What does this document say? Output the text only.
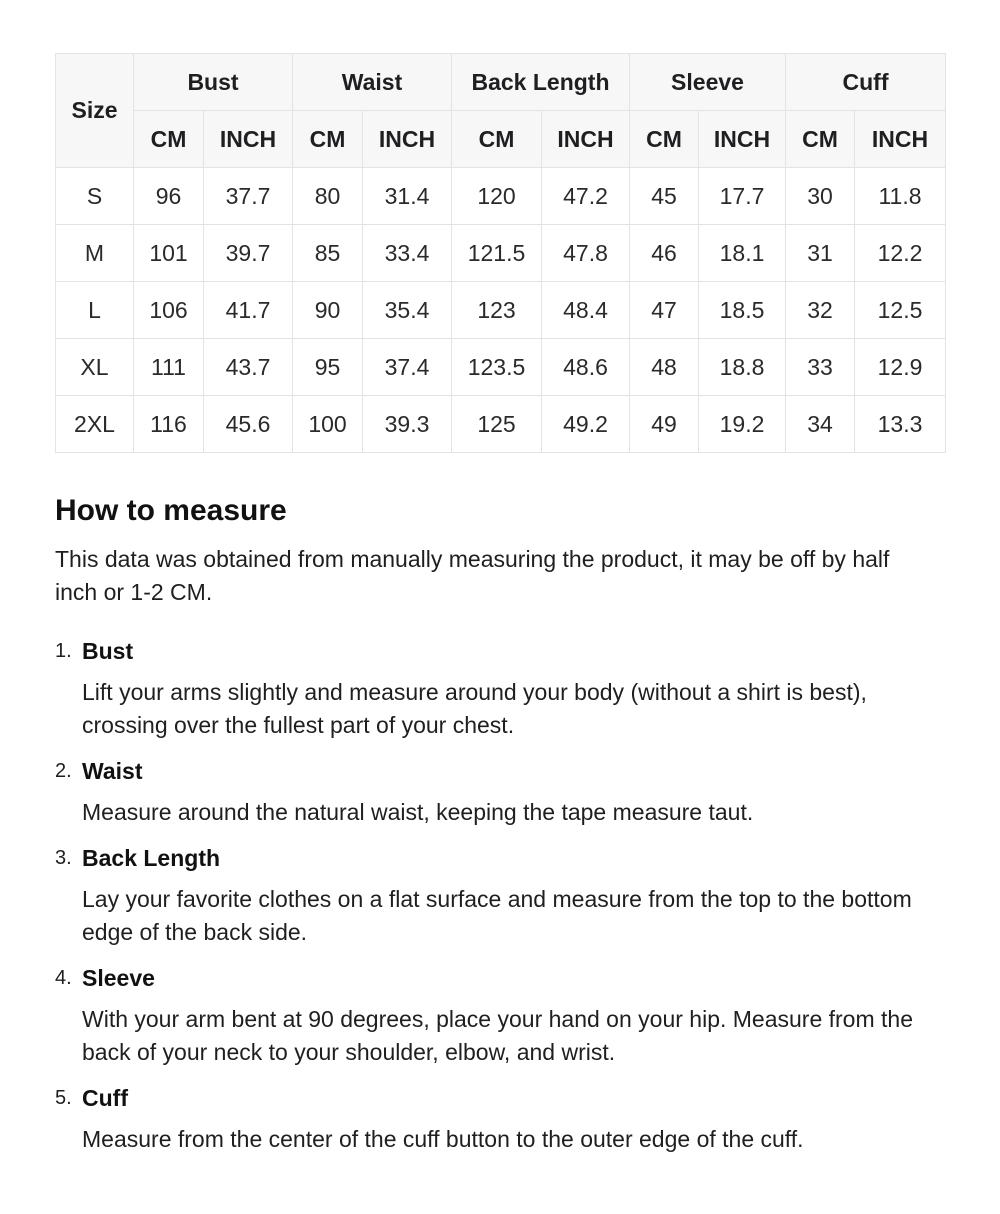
Size	Bust		Waist		Back Length		Sleeve		Cuff	
	CM	INCH	CM	INCH	CM	INCH	CM	INCH	CM	INCH
S	96	37.7	80	31.4	120	47.2	45	17.7	30	11.8
M	101	39.7	85	33.4	121.5	47.8	46	18.1	31	12.2
L	106	41.7	90	35.4	123	48.4	47	18.5	32	12.5
XL	111	43.7	95	37.4	123.5	48.6	48	18.8	33	12.9
2XL	116	45.6	100	39.3	125	49.2	49	19.2	34	13.3
How to measure

This data was obtained from manually measuring the product, it may be off by half inch or 1-2 CM.

1. Bust

Lift your arms slightly and measure around your body (without a shirt is best), crossing over the fullest part of your chest.

2. Waist

Measure around the natural waist, keeping the tape measure taut.

3. Back Length

Lay your favorite clothes on a flat surface and measure from the top to the bottom edge of the back side.

4. Sleeve

With your arm bent at 90 degrees, place your hand on your hip. Measure from the back of your neck to your shoulder, elbow, and wrist.

5. Cuff

Measure from the center of the cuff button to the outer edge of the cuff.
